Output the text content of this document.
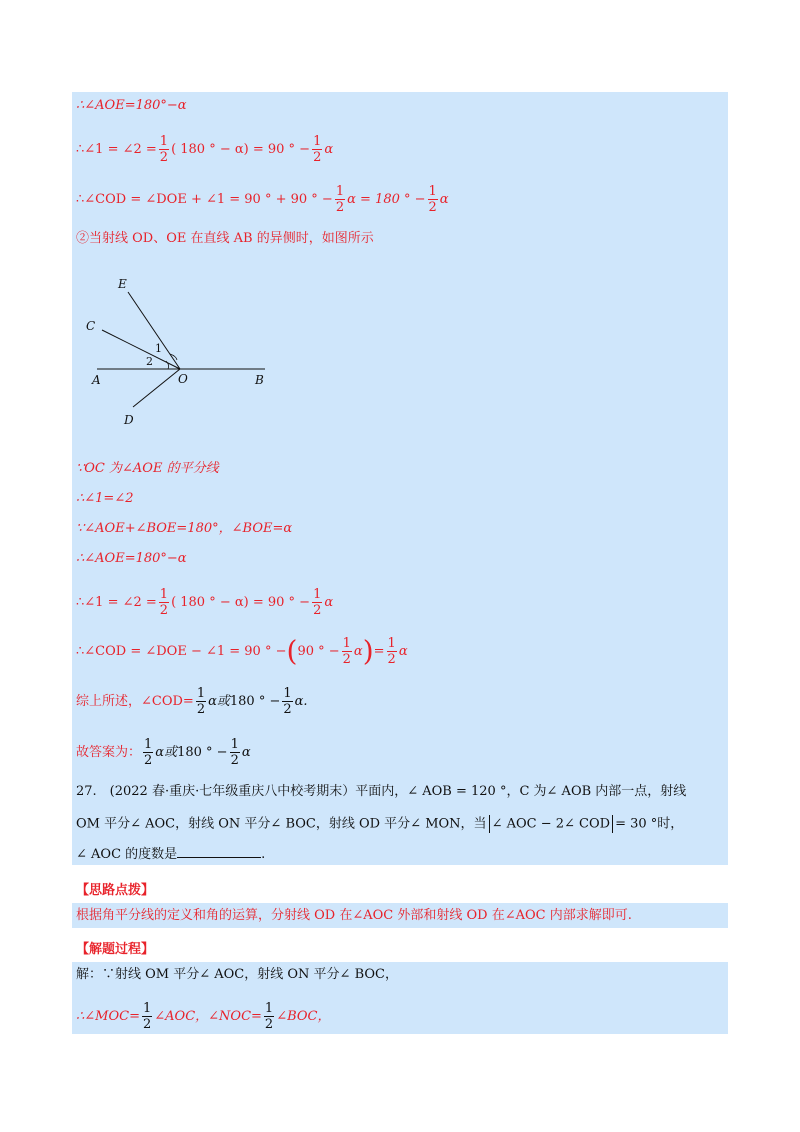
∴∠AOE=180°−α
∴∠1 = ∠2 = $\frac{1}{2}$ ( 180 ° − α) = 90 ° − $\frac{1}{2}$ α
∴∠COD = ∠DOE + ∠1 = 90 ° + 90 ° − $\frac{1}{2}$ α = 180 ° − $\frac{1}{2}$ α
②当射线 OD、OE 在直线 AB 的异侧时，如图所示
E
C
1
2
A	O	B
D
∵OC 为∠AOE 的平分线
∴∠1=∠2
∵∠AOE+∠BOE=180°，∠BOE=α
∴∠AOE=180°−α
∴∠1 = ∠2 = $\frac{1}{2}$ ( 180 ° − α) = 90 ° − $\frac{1}{2}$ α
∴∠COD = ∠DOE − ∠1 = 90 ° −(90 ° − $\frac{1}{2} \alpha)= \frac{1}{2}$ α
综上所述，∠COD= $\frac{1}{2}$ α或180 ° − $\frac{1}{2} \alpha$.
故答案为： $\frac{1}{2}$ α或180 ° − $\frac{1}{2}$ α
27.　(2022 春·重庆·七年级重庆八中校考期末）平面内，∠ AOB = 120 °，C 为∠ AOB 内部一点，射线
OM 平分∠ AOC，射线 ON 平分∠ BOC，射线 OD 平分∠ MON，当 ∠ AOC − 2∠ COD = 30 °时，
∠ AOC 的度数是	.
【思路点拨】
根据角平分线的定义和角的运算，分射线 OD 在∠AOC 外部和射线 OD 在∠AOC 内部求解即可.
【解题过程】
解：∵射线 OM 平分∠ AOC，射线 ON 平分∠ BOC，
∴∠MOC= $\frac{1}{2}$ ∠AOC，∠NOC= $\frac{1}{2}$ ∠BOC，
